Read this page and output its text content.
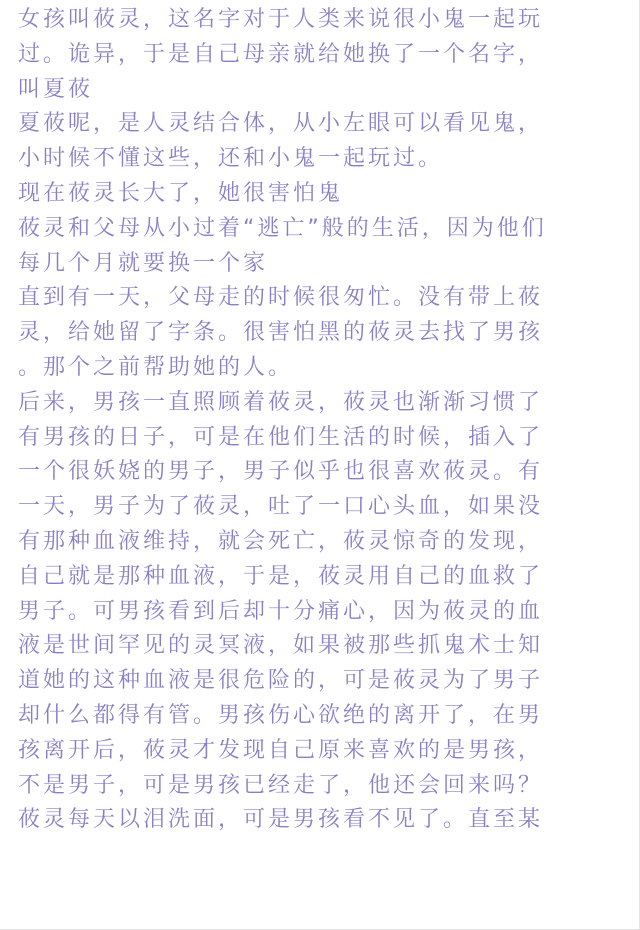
女孩叫莜灵，这名字对于人类来说很小鬼一起玩
过。诡异，于是自己母亲就给她换了一个名字，
叫夏莜
夏莜呢，是人灵结合体，从小左眼可以看见鬼，
小时候不懂这些，还和小鬼一起玩过。
现在莜灵长大了，她很害怕鬼
莜灵和父母从小过着“逃亡”般的生活，因为他们
每几个月就要换一个家
直到有一天，父母走的时候很匆忙。没有带上莜
灵，给她留了字条。很害怕黑的莜灵去找了男孩
。那个之前帮助她的人。
后来，男孩一直照顾着莜灵，莜灵也渐渐习惯了
有男孩的日子，可是在他们生活的时候，插入了
一个很妖娆的男子，男子似乎也很喜欢莜灵。有
一天，男子为了莜灵，吐了一口心头血，如果没
有那种血液维持，就会死亡，莜灵惊奇的发现，
自己就是那种血液，于是，莜灵用自己的血救了
男子。可男孩看到后却十分痛心，因为莜灵的血
液是世间罕见的灵冥液，如果被那些抓鬼术士知
道她的这种血液是很危险的，可是莜灵为了男子
却什么都得有管。男孩伤心欲绝的离开了，在男
孩离开后，莜灵才发现自己原来喜欢的是男孩，
不是男子，可是男孩已经走了，他还会回来吗？
莜灵每天以泪洗面，可是男孩看不见了。直至某
